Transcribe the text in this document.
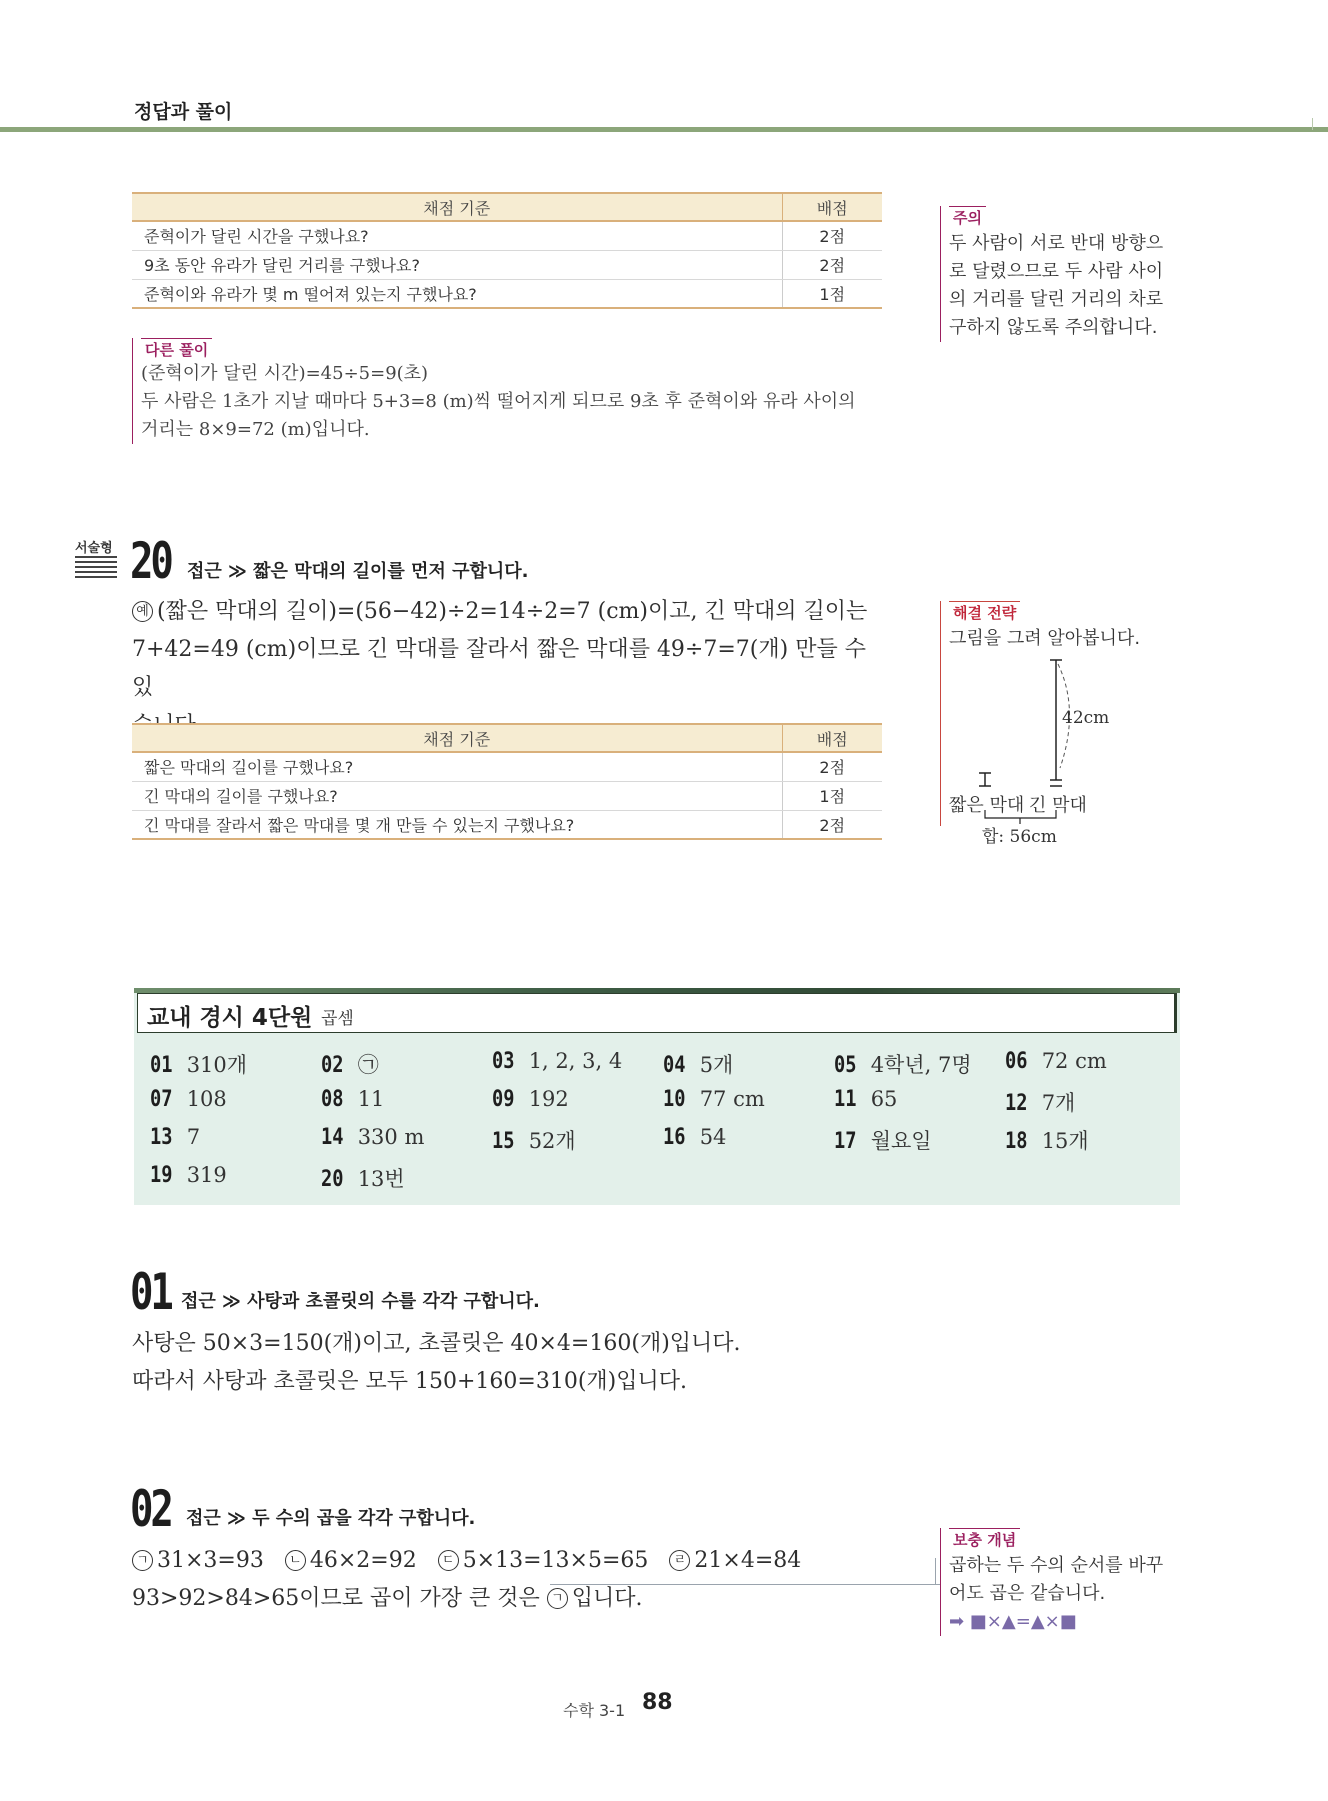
정답과 풀이
채점 기준	배점
준혁이가 달린 시간을 구했나요?	2점
9초 동안 유라가 달린 거리를 구했나요?	2점
준혁이와 유라가 몇 m 떨어져 있는지 구했나요?	1점
주의
두 사람이 서로 반대 방향으
로 달렸으므로 두 사람 사이
의 거리를 달린 거리의 차로
구하지 않도록 주의합니다.
다른 풀이
(준혁이가 달린 시간)=45÷5=9(초)
두 사람은 1초가 지날 때마다 5+3=8 (m)씩 떨어지게 되므로 9초 후 준혁이와 유라 사이의
거리는 8×9=72 (m)입니다.
서술형 20 접근 ≫ 짧은 막대의 길이를 먼저 구합니다.
예 (짧은 막대의 길이)=(56−42)÷2=14÷2=7 (cm)이고, 긴 막대의 길이는
7+42=49 (cm)이므로 긴 막대를 잘라서 짧은 막대를 49÷7=7(개) 만들 수 있
채점 기준	배점
짧은 막대의 길이를 구했나요?	2점
긴 막대의 길이를 구했나요?	1점
긴 막대를 잘라서 짧은 막대를 몇 개 만들 수 있는지 구했나요?	2점
해결 전략
그림을 그려 알아봅니다.
42cm
짧은 막대 긴 막대
합: 56cm
교내 경시 4단원 곱셈
01 310개	02 ㉠	03 1, 2, 3, 4 04 5개	05 4학년, 7명 06 72 cm
07 108	08 11	09 192	10 77 cm	11 65	12 7개
13 7	14 330 m	15 52개	16 54	17 월요일	18 15개
19 319	20 13번
01 접근 ≫ 사탕과 초콜릿의 수를 각각 구합니다.
사탕은 50×3=150(개)이고, 초콜릿은 40×4=160(개)입니다.
따라서 사탕과 초콜릿은 모두 150+160=310(개)입니다.
02 접근 ≫ 두 수의 곱을 각각 구합니다.
ㄱ 31×3=93 ㄴ 46×2=92 ㄷ 5×13=13×5=65 ㄹ 21×4=84
93>92>84>65이므로 곱이 가장 큰 것은 ㄱ 입니다.
보충 개념
곱하는 두 수의 순서를 바꾸
어도 곱은 같습니다.
➡ ■×▲=▲×■
수학 3-1 88
